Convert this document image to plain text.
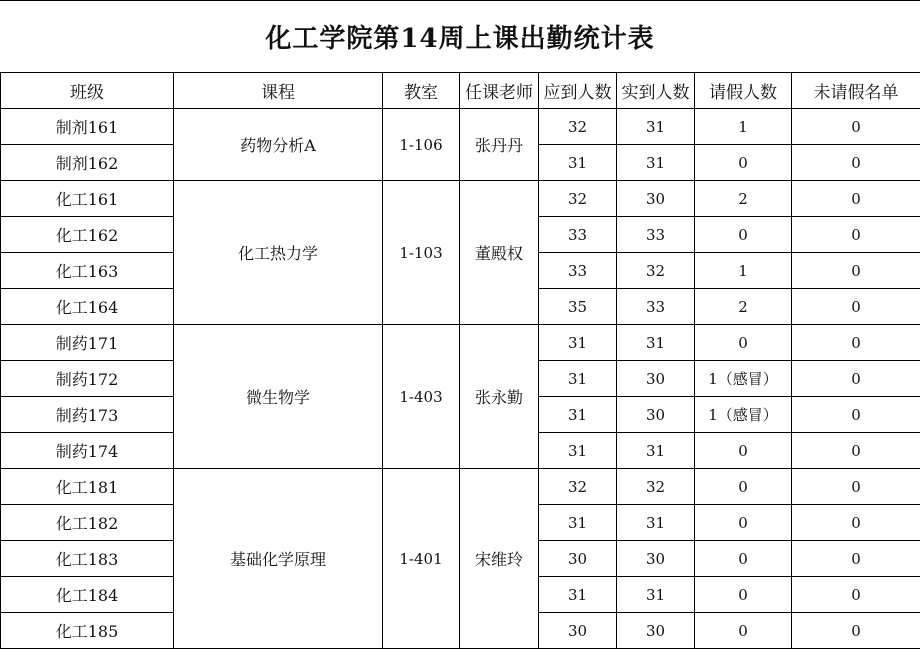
化工学院第14周上课出勤统计表
班级	课程	教室	任课老师	应到人数	实到人数	请假人数	未请假名单
制剂161	药物分析A	1-106	张丹丹	32	31	1	0
制剂162				31	31	0	0
化工161	化工热力学	1-103	董殿权	32	30	2	0
化工162				33	33	0	0
化工163				33	32	1	0
化工164				35	33	2	0
制药171	微生物学	1-403	张永勤	31	31	0	0
制药172				31	30	1（感冒）	0
制药173				31	30	1（感冒）	0
制药174				31	31	0	0
化工181	基础化学原理	1-401	宋维玲	32	32	0	0
化工182				31	31	0	0
化工183				30	30	0	0
化工184				31	31	0	0
化工185				30	30	0	0
